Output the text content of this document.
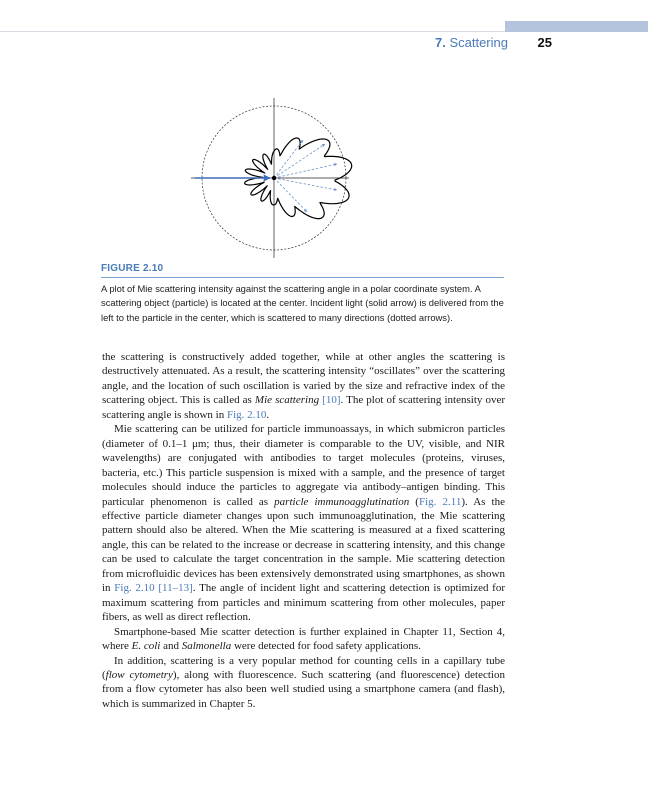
7. Scattering 25
FIGURE 2.10
A plot of Mie scattering intensity against the scattering angle in a polar coordinate system. A scattering object (particle) is located at the center. Incident light (solid arrow) is delivered from the left to the particle in the center, which is scattered to many directions (dotted arrows).

the scattering is constructively added together, while at other angles the scattering is destructively attenuated. As a result, the scattering intensity “oscillates” over the scattering angle, and the location of such oscillation is varied by the size and refractive index of the scattering object. This is called as Mie scattering [10]. The plot of scattering intensity over scattering angle is shown in Fig. 2.10.

Mie scattering can be utilized for particle immunoassays, in which submicron particles (diameter of 0.1–1 μm; thus, their diameter is comparable to the UV, visible, and NIR wavelengths) are conjugated with antibodies to target molecules (proteins, viruses, bacteria, etc.) This particle suspension is mixed with a sample, and the presence of target molecules should induce the particles to aggregate via antibody–antigen binding. This particular phenomenon is called as particle immunoagglutination (Fig. 2.11). As the effective particle diameter changes upon such immunoagglutination, the Mie scattering pattern should also be altered. When the Mie scattering is measured at a fixed scattering angle, this can be related to the increase or decrease in scattering intensity, and this change can be used to calculate the target concentration in the sample. Mie scattering detection from microfluidic devices has been extensively demonstrated using smartphones, as shown in Fig. 2.10 [11–13]. The angle of incident light and scattering detection is optimized for maximum scattering from particles and minimum scattering from other molecules, paper fibers, as well as direct reflection.

Smartphone-based Mie scatter detection is further explained in Chapter 11, Section 4, where E. coli and Salmonella were detected for food safety applications.

In addition, scattering is a very popular method for counting cells in a capillary tube (flow cytometry), along with fluorescence. Such scattering (and fluorescence) detection from a flow cytometer has also been well studied using a smartphone camera (and flash), which is summarized in Chapter 5.
